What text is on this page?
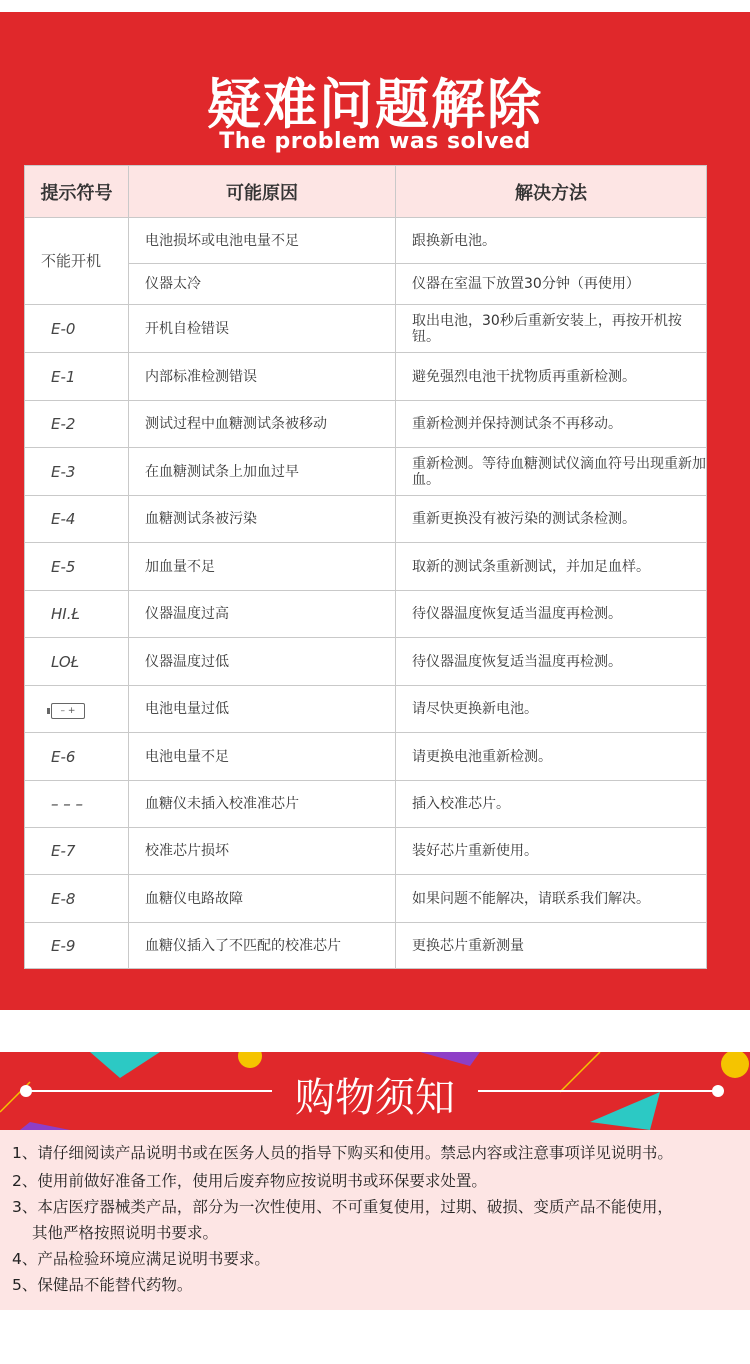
疑难问题解除
The problem was solved
提示符号	可能原因	解决方法
不能开机	电池损坏或电池电量不足	跟换新电池。
	仪器太冷	仪器在室温下放置30分钟（再使用）
E-0	开机自检错误	取出电池，30秒后重新安装上，再按开机按钮。
E-1	内部标准检测错误	避免强烈电池干扰物质再重新检测。
E-2	测试过程中血糖测试条被移动	重新检测并保持测试条不再移动。
E-3	在血糖测试条上加血过早	重新检测。等待血糖测试仪滴血符号出现重新加血。
E-4	血糖测试条被污染	重新更换没有被污染的测试条检测。
E-5	加血量不足	取新的测试条重新测试，并加足血样。
HI.Ł	仪器温度过高	待仪器温度恢复适当温度再检测。
LOŁ	仪器温度过低	待仪器温度恢复适当温度再检测。
– +	电池电量过低	请尽快更换新电池。
E-6	电池电量不足	请更换电池重新检测。
– – –	血糖仪未插入校准准芯片	插入校准芯片。
E-7	校准芯片损坏	装好芯片重新使用。
E-8	血糖仪电路故障	如果问题不能解决，请联系我们解决。
E-9	血糖仪插入了不匹配的校准芯片	更换芯片重新测量
购物须知
1、请仔细阅读产品说明书或在医务人员的指导下购买和使用。禁忌内容或注意事项详见说明书。
2、使用前做好准备工作，使用后废弃物应按说明书或环保要求处置。
3、本店医疗器械类产品，部分为一次性使用、不可重复使用，过期、破损、变质产品不能使用，
其他严格按照说明书要求。
4、产品检验环境应满足说明书要求。
5、保健品不能替代药物。
